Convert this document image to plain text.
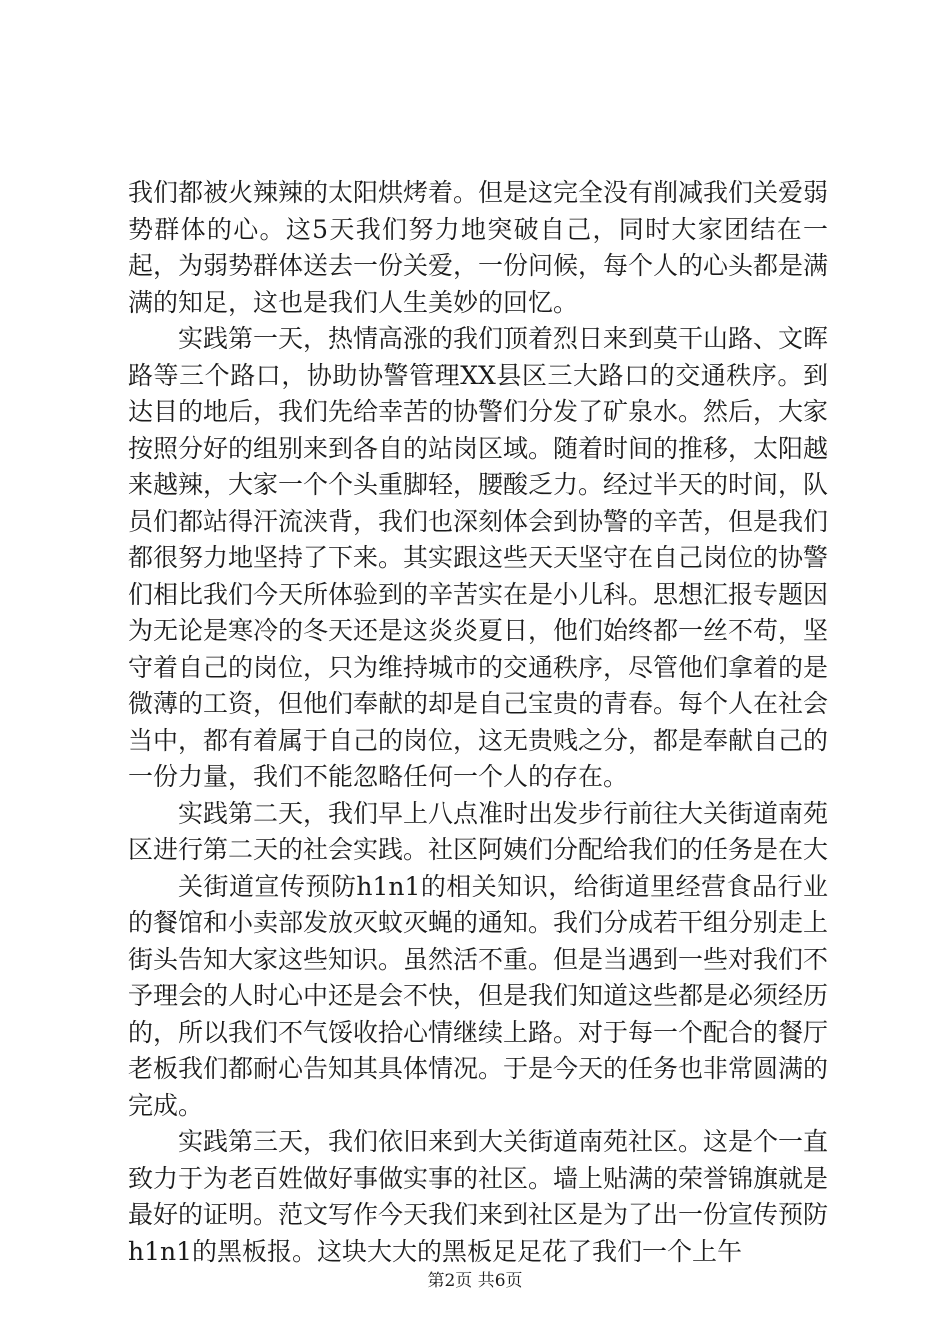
我们都被火辣辣的太阳烘烤着。但是这完全没有削减我们关爱弱势群体的心。这5天我们努力地突破自己，同时大家团结在一起，为弱势群体送去一份关爱，一份问候，每个人的心头都是满满的知足，这也是我们人生美妙的回忆。

实践第一天，热情高涨的我们顶着烈日来到莫干山路、文晖路等三个路口，协助协警管理XX县区三大路口的交通秩序。到达目的地后，我们先给幸苦的协警们分发了矿泉水。然后，大家按照分好的组别来到各自的站岗区域。随着时间的推移，太阳越来越辣，大家一个个头重脚轻，腰酸乏力。经过半天的时间，队员们都站得汗流浃背，我们也深刻体会到协警的辛苦，但是我们都很努力地坚持了下来。其实跟这些天天坚守在自己岗位的协警们相比我们今天所体验到的辛苦实在是小儿科。思想汇报专题因为无论是寒冷的冬天还是这炎炎夏日，他们始终都一丝不苟，坚守着自己的岗位，只为维持城市的交通秩序，尽管他们拿着的是微薄的工资，但他们奉献的却是自己宝贵的青春。每个人在社会当中，都有着属于自己的岗位，这无贵贱之分，都是奉献自己的一份力量，我们不能忽略任何一个人的存在。

实践第二天，我们早上八点准时出发步行前往大关街道南苑区进行第二天的社会实践。社区阿姨们分配给我们的任务是在大

关街道宣传预防h1n1的相关知识，给街道里经营食品行业的餐馆和小卖部发放灭蚊灭蝇的通知。我们分成若干组分别走上街头告知大家这些知识。虽然活不重。但是当遇到一些对我们不予理会的人时心中还是会不快，但是我们知道这些都是必须经历的，所以我们不气馁收拾心情继续上路。对于每一个配合的餐厅老板我们都耐心告知其具体情况。于是今天的任务也非常圆满的完成。

实践第三天，我们依旧来到大关街道南苑社区。这是个一直致力于为老百姓做好事做实事的社区。墙上贴满的荣誉锦旗就是最好的证明。范文写作今天我们来到社区是为了出一份宣传预防h1n1的黑板报。这块大大的黑板足足花了我们一个上午

第2页 共6页
